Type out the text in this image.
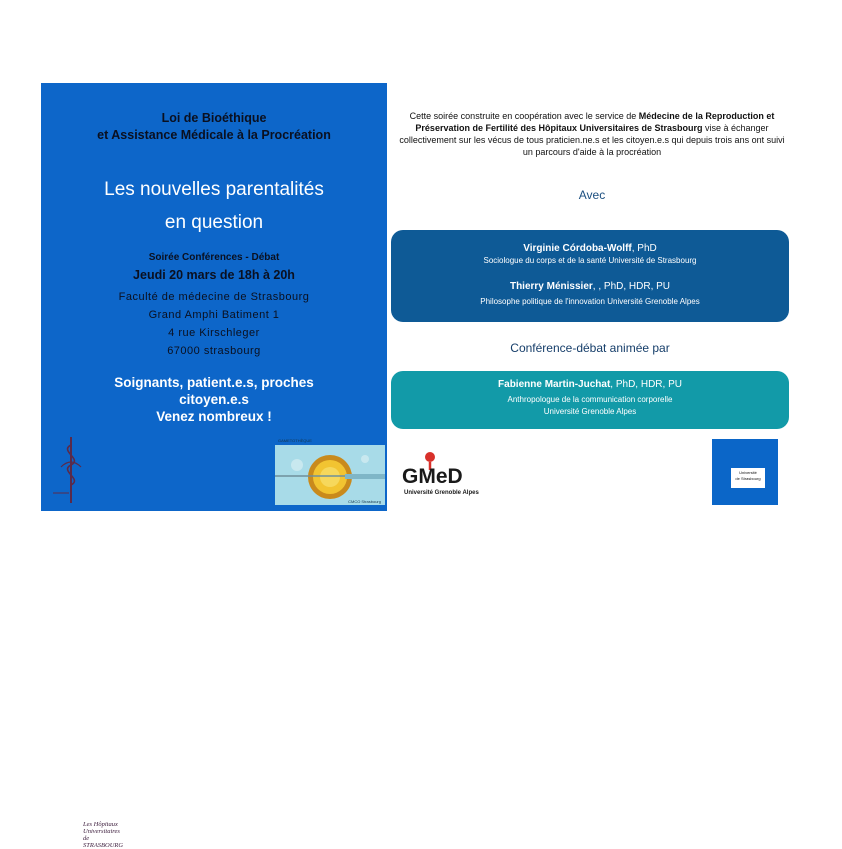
Loi de Bioéthique
et Assistance Médicale à la Procréation
Les nouvelles parentalités
en question
Soirée Conférences - Débat
Jeudi 20 mars de 18h à 20h
Faculté de médecine de Strasbourg
Grand Amphi Batiment 1
4 rue Kirschleger
67000 strasbourg
Soignants, patient.e.s, proches
citoyen.e.s
Venez nombreux !
Les Hôpitaux
Universitaires
de STRASBOURG
GAMETOTHÈQUE
CMCO Strasbourg
Cette soirée construite en coopération avec le service de Médecine de la Reproduction et Préservation de Fertilité des Hôpitaux Universitaires de Strasbourg vise à échanger collectivement sur les vécus de tous praticien.ne.s et les citoyen.e.s qui depuis trois ans ont suivi un parcours d'aide à la procréation
Avec
Virginie Córdoba-Wolff, PhD
Sociologue du corps et de la santé Université de Strasbourg
Thierry Ménissier, , PhD, HDR, PU
Philosophe politique de l'innovation Université Grenoble Alpes
Conférence-débat animée par
Fabienne Martin-Juchat, PhD, HDR, PU
Anthropologue de la communication corporelle
Université Grenoble Alpes
GMeD
Université Grenoble Alpes
Université
de Strasbourg
